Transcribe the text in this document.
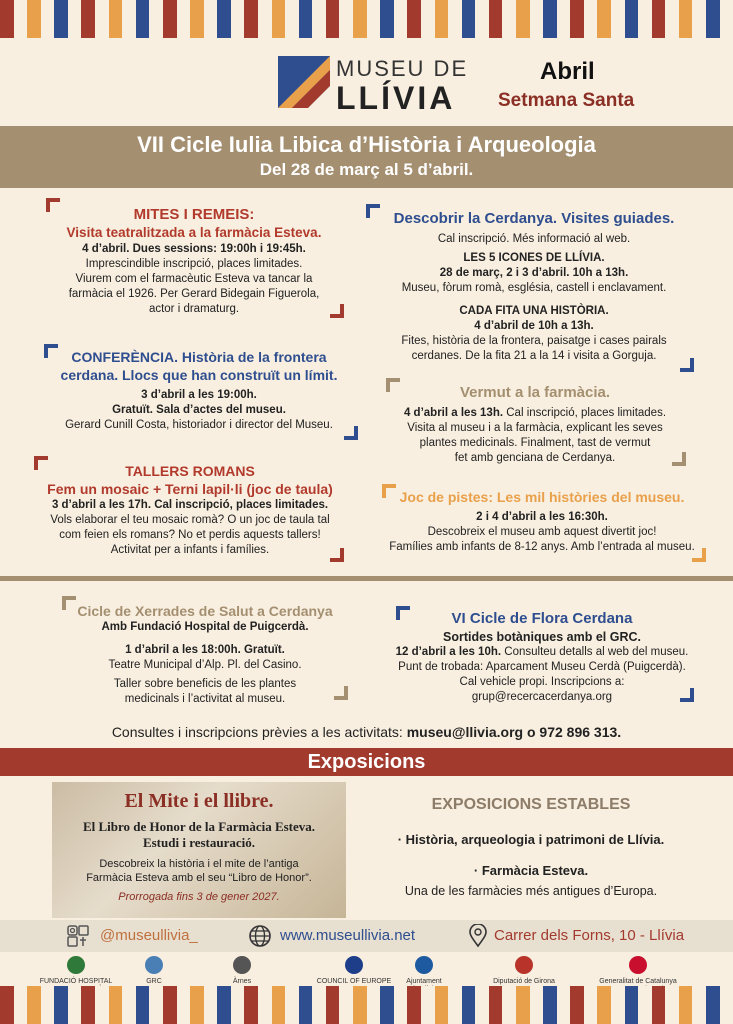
MUSEU DE
LLÍVIA
Abril
Setmana Santa
VII Cicle Iulia Libica d’Història i Arqueologia
Del 28 de març al 5 d’abril.
MITES I REMEIS:
Visita teatralitzada a la farmàcia Esteva.
4 d’abril. Dues sessions: 19:00h i 19:45h.
Imprescindible inscripció, places limitades.
Viurem com el farmacèutic Esteva va tancar la
farmàcia el 1926. Per Gerard Bidegain Figuerola,
actor i dramaturg.
CONFERÈNCIA. Història de la frontera
cerdana. Llocs que han construït un límit.
3 d’abril a les 19:00h.
Gratuït. Sala d’actes del museu.
Gerard Cunill Costa, historiador i director del Museu.
TALLERS ROMANS
Fem un mosaic + Terni lapil·li (joc de taula)
3 d’abril a les 17h. Cal inscripció, places limitades.
Vols elaborar el teu mosaic romà? O un joc de taula tal
com feien els romans? No et perdis aquests tallers!
Activitat per a infants i famílies.
Descobrir la Cerdanya. Visites guiades.
Cal inscripció. Més informació al web.
LES 5 ICONES DE LLÍVIA.
28 de març, 2 i 3 d’abril. 10h a 13h.
Museu, fòrum romà, església, castell i enclavament.
CADA FITA UNA HISTÒRIA.
4 d’abril de 10h a 13h.
Fites, història de la frontera, paisatge i cases pairals
cerdanes. De la fita 21 a la 14 i visita a Gorguja.
Vermut a la farmàcia.
4 d’abril a les 13h. Cal inscripció, places limitades.
Visita al museu i a la farmàcia, explicant les seves
plantes medicinals. Finalment, tast de vermut
fet amb genciana de Cerdanya.
Joc de pistes: Les mil històries del museu.
2 i 4 d’abril a les 16:30h.
Descobreix el museu amb aquest divertit joc!
Famílies amb infants de 8-12 anys. Amb l’entrada al museu.
Cicle de Xerrades de Salut a Cerdanya
Amb Fundació Hospital de Puigcerdà.
1 d’abril a les 18:00h. Gratuït.
Teatre Municipal d’Alp. Pl. del Casino.
Taller sobre beneficis de les plantes
medicinals i l’activitat al museu.
VI Cicle de Flora Cerdana
Sortides botàniques amb el GRC.
12 d’abril a les 10h. Consulteu detalls al web del museu.
Punt de trobada: Aparcament Museu Cerdà (Puigcerdà).
Cal vehicle propi. Inscripcions a:
grup@recercacerdanya.org
Consultes i inscripcions prèvies a les activitats: museu@llivia.org o 972 896 313.
Exposicions
El Mite i el llibre.
El Libro de Honor de la Farmàcia Esteva.
Estudi i restauració.
Descobreix la història i el mite de l’antiga
Farmàcia Esteva amb el seu “Libro de Honor”.
Prorrogada fins 3 de gener 2027.
EXPOSICIONS ESTABLES
· Història, arqueologia i patrimoni de Llívia.
· Farmàcia Esteva.
Una de les farmàcies més antigues d’Europa.
@museullivia_	www.museullivia.net	Carrer dels Forns, 10 - Llívia
FUNDACIÓ HOSPITAL	GRC	Àrnes	COUNCIL OF EUROPE	Ajuntament	Diputació de Girona	Generalitat de Catalunya
